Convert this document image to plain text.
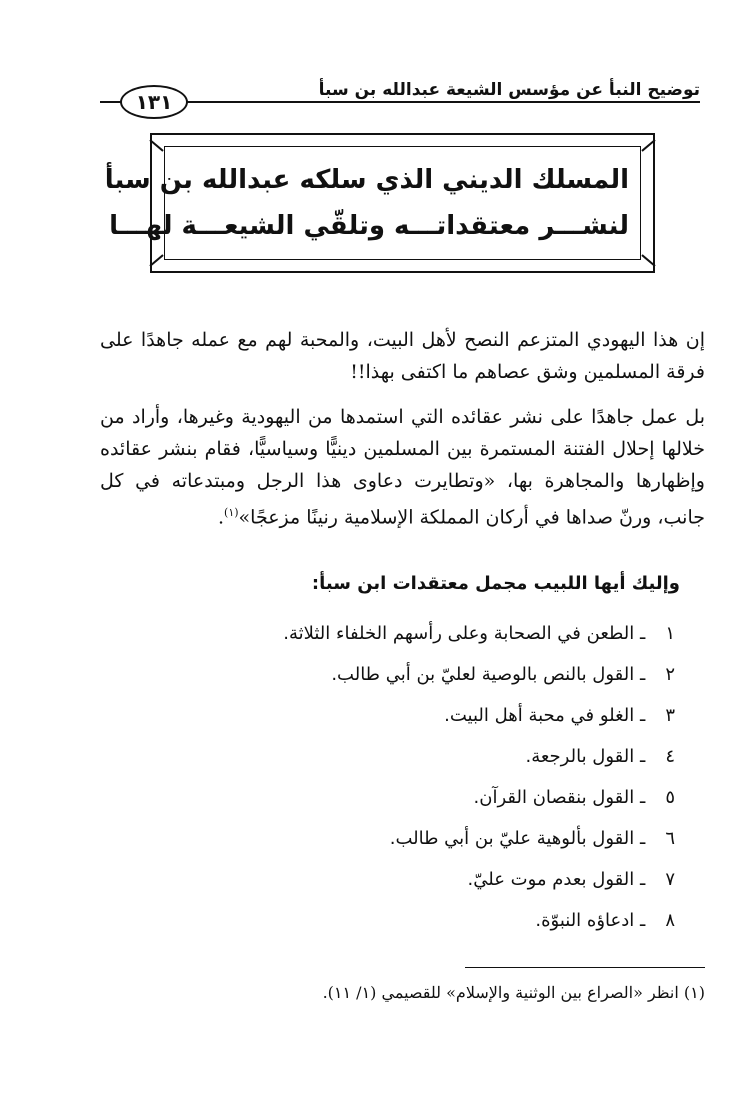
توضيح النبأ عن مؤسس الشيعة عبدالله بن سبأ
١٣١
المسلك الديني الذي سلكه عبدالله بن سبأ
لنشـــر معتقداتـــه وتلقّي الشيعـــة لهـــا

إن هذا اليهودي المتزعم النصح لأهل البيت، والمحبة لهم مع عمله جاهدًا على فرقة المسلمين وشق عصاهم ما اكتفى بهذا!!

بل عمل جاهدًا على نشر عقائده التي استمدها من اليهودية وغيرها، وأراد من خلالها إحلال الفتنة المستمرة بين المسلمين دينيًّا وسياسيًّا، فقام بنشر عقائده وإظهارها والمجاهرة بها، «وتطايرت دعاوى هذا الرجل ومبتدعاته في كل جانب، ورنّ صداها في أركان المملكة الإسلامية رنينًا مزعجًا»$^{(١)}$.

وإليك أيها اللبيب مجمل معتقدات ابن سبأ:
١ ـ الطعن في الصحابة وعلى رأسهم الخلفاء الثلاثة.
٢ ـ القول بالنص بالوصية لعليّ بن أبي طالب.
٣ ـ الغلو في محبة أهل البيت.
٤ ـ القول بالرجعة.
٥ ـ القول بنقصان القرآن.
٦ ـ القول بألوهية عليّ بن أبي طالب.
٧ ـ القول بعدم موت عليّ.
٨ ـ ادعاؤه النبوّة.
(١) انظر «الصراع بين الوثنية والإسلام» للقصيمي (١/ ١١).
